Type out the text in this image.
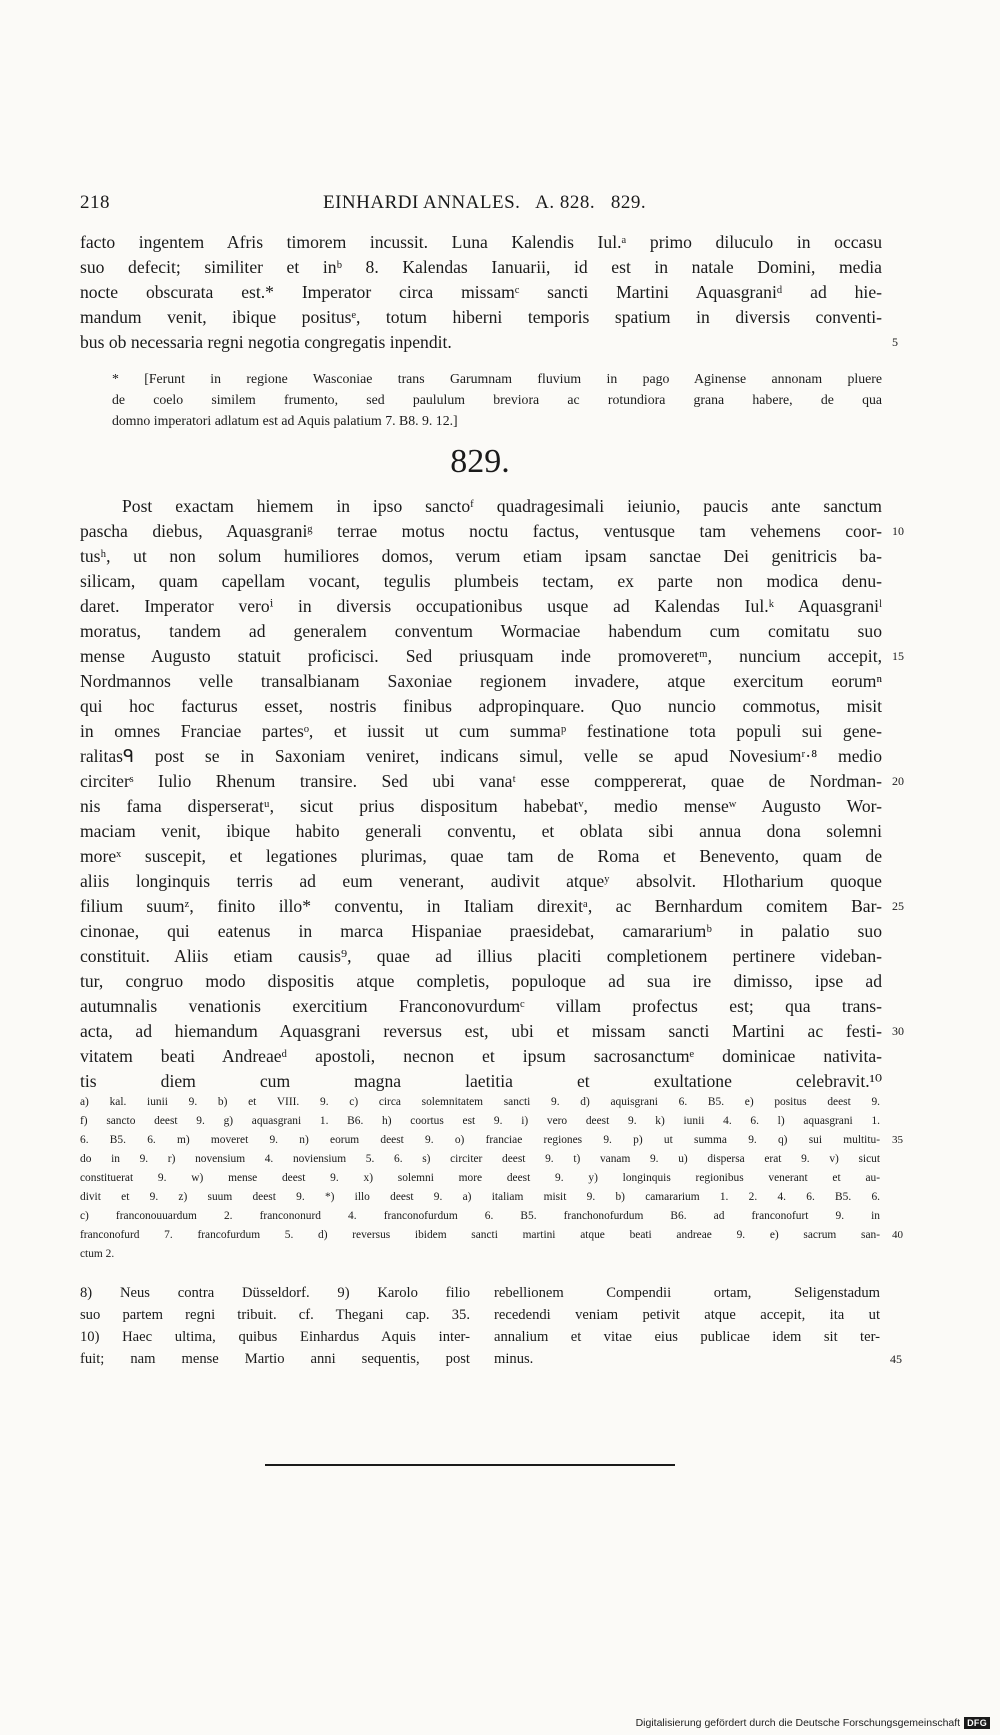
218	EINHARDI ANNALES.   A. 828.   829.
facto ingentem Afris timorem incussit. Luna Kalendis Iul.ᵃ primo diluculo in occasu
suo defecit; similiter et inᵇ 8. Kalendas Ianuarii, id est in natale Domini, media
nocte obscurata est.* Imperator circa missamᶜ sancti Martini Aquasgraniᵈ ad hie-
mandum venit, ibique positusᵉ, totum hiberni temporis spatium in diversis conventi-
bus ob necessaria regni negotia congregatis inpendit.	5
* [Ferunt in regione Wasconiae trans Garumnam fluvium in pago Aginense annonam pluere
de coelo similem frumento, sed paululum breviora ac rotundiora grana habere, de qua
domno imperatori adlatum est ad Aquis palatium 7. B8. 9. 12.]
829.
Post exactam hiemem in ipso sanctoᶠ quadragesimali ieiunio, paucis ante sanctum
pascha diebus, Aquasgraniᵍ terrae motus noctu factus, ventusque tam vehemens coor- 10
tusʰ, ut non solum humiliores domos, verum etiam ipsam sanctae Dei genitricis ba-
silicam, quam capellam vocant, tegulis plumbeis tectam, ex parte non modica denu-
daret. Imperator veroⁱ in diversis occupationibus usque ad Kalendas Iul.ᵏ Aquasgraniˡ
moratus, tandem ad generalem conventum Wormaciae habendum cum comitatu suo
mense Augusto statuit proficisci. Sed priusquam inde promoveretᵐ, nuncium accepit, 15
Nordmannos velle transalbianam Saxoniae regionem invadere, atque exercitum eorumⁿ
qui hoc facturus esset, nostris finibus adpropinquare. Quo nuncio commotus, misit
in omnes Franciae partesᵒ, et iussit ut cum summaᵖ festinatione tota populi sui gene-
ralitasᑫ post se in Saxoniam veniret, indicans simul, velle se apud Novesiumʳ·⁸ medio
circiterˢ Iulio Rhenum transire. Sed ubi vanaᵗ esse comppererat, quae de Nordman- 20
nis fama disperseratᵘ, sicut prius dispositum habebatᵛ, medio menseʷ Augusto Wor-
maciam venit, ibique habito generali conventu, et oblata sibi annua dona solemni
moreˣ suscepit, et legationes plurimas, quae tam de Roma et Benevento, quam de
aliis longinquis terris ad eum venerant, audivit atqueʸ absolvit. Hlotharium quoque
filium suumᶻ, finito illo* conventu, in Italiam direxitᵃ, ac Bernhardum comitem Bar- 25
cinonae, qui eatenus in marca Hispaniae praesidebat, camarariumᵇ in palatio suo
constituit. Aliis etiam causis⁹, quae ad illius placiti completionem pertinere videban-
tur, congruo modo dispositis atque completis, populoque ad sua ire dimisso, ipse ad
autumnalis venationis exercitium Franconovurdumᶜ villam profectus est; qua trans-
acta, ad hiemandum Aquasgrani reversus est, ubi et missam sancti Martini ac festi- 30
vitatem beati Andreaeᵈ apostoli, necnon et ipsum sacrosanctumᵉ dominicae nativita-
tis diem cum magna laetitia et exultatione celebravit.¹⁰
a) kal. iunii 9. b) et VIII. 9. c) circa solemnitatem sancti 9. d) aquisgrani 6. B5. e) positus deest 9.
f) sancto deest 9. g) aquasgrani 1. B6. h) coortus est 9. i) vero deest 9. k) iunii 4. 6. l) aquasgrani 1.
6. B5. 6. m) moveret 9. n) eorum deest 9. o) franciae regiones 9. p) ut summa 9. q) sui multitu- 35
do in 9. r) novensium 4. noviensium 5. 6. s) circiter deest 9. t) vanam 9. u) dispersa erat 9. v) sicut
constituerat 9. w) mense deest 9. x) solemni more deest 9. y) longinquis regionibus venerant et au-
divit et 9. z) suum deest 9. *) illo deest 9. a) italiam misit 9. b) camararium 1. 2. 4. 6. B5. 6.
c) franconouuardum 2. francononurd 4. franconofurdum 6. B5. franchonofurdum B6. ad franconofurt 9. in
franconofurd 7. francofurdum 5. d) reversus ibidem sancti martini atque beati andreae 9. e) sacrum san- 40
ctum 2.
8) Neus contra Düsseldorf. 9) Karolo filio
suo partem regni tribuit. cf. Thegani cap. 35.
10) Haec ultima, quibus Einhardus Aquis inter-
fuit; nam mense Martio anni sequentis, post
rebellionem Compendii ortam, Seligenstadum
recedendi veniam petivit atque accepit, ita ut
annalium et vitae eius publicae idem sit ter-
minus.	45
Digitalisierung gefördert durch die Deutsche Forschungsgemeinschaft DFG
